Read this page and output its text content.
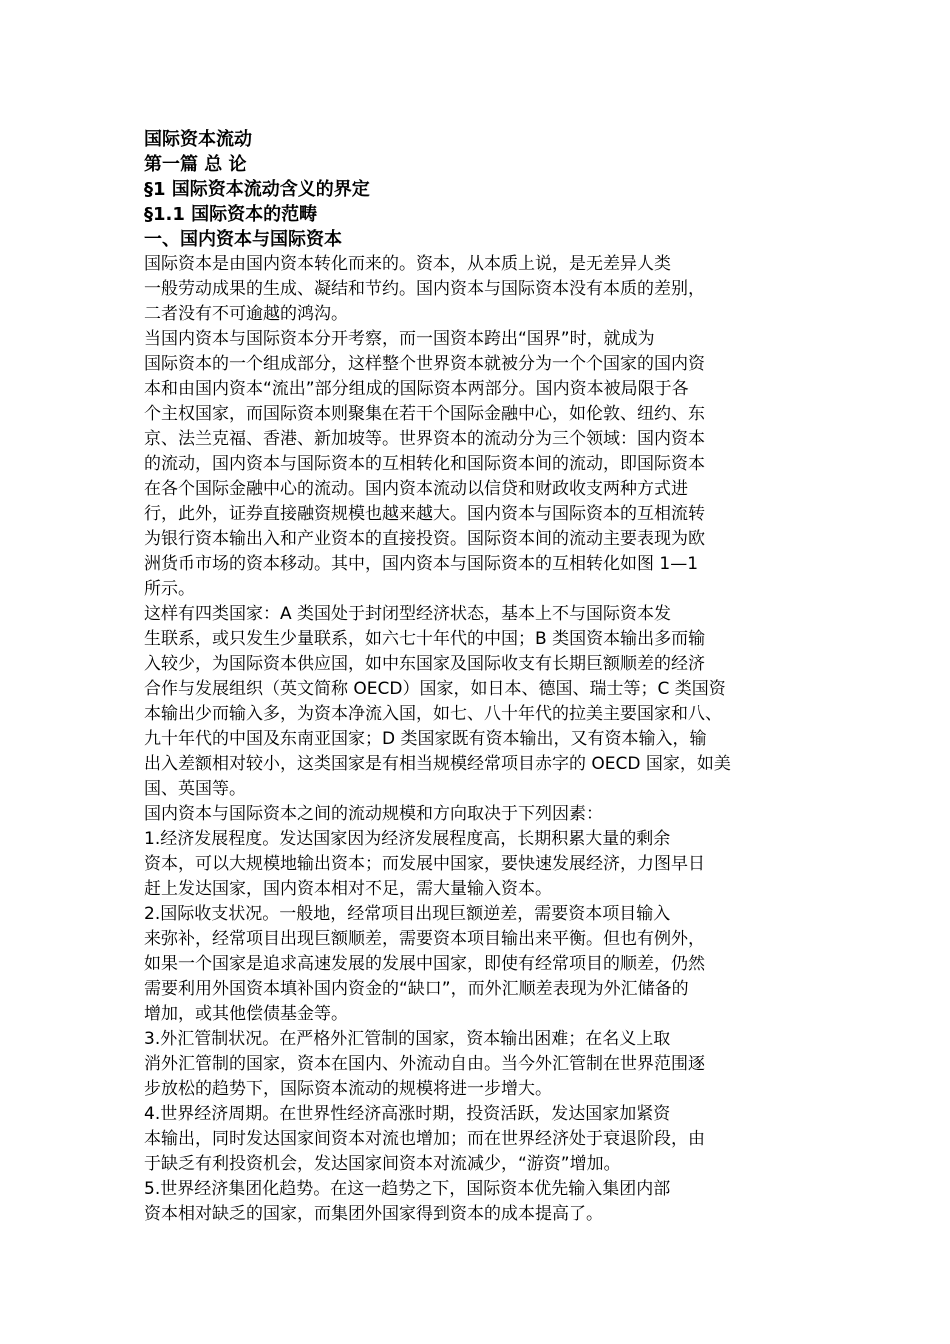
国际资本流动
第一篇 总 论
§1 国际资本流动含义的界定
§1.1 国际资本的范畴
一、国内资本与国际资本
国际资本是由国内资本转化而来的。资本，从本质上说，是无差异人类
一般劳动成果的生成、凝结和节约。国内资本与国际资本没有本质的差别，
二者没有不可逾越的鸿沟。
当国内资本与国际资本分开考察，而一国资本跨出“国界”时，就成为
国际资本的一个组成部分，这样整个世界资本就被分为一个个国家的国内资
本和由国内资本“流出”部分组成的国际资本两部分。国内资本被局限于各
个主权国家，而国际资本则聚集在若干个国际金融中心，如伦敦、纽约、东
京、法兰克福、香港、新加坡等。世界资本的流动分为三个领域：国内资本
的流动，国内资本与国际资本的互相转化和国际资本间的流动，即国际资本
在各个国际金融中心的流动。国内资本流动以信贷和财政收支两种方式进
行，此外，证券直接融资规模也越来越大。国内资本与国际资本的互相流转
为银行资本输出入和产业资本的直接投资。国际资本间的流动主要表现为欧
洲货币市场的资本移动。其中，国内资本与国际资本的互相转化如图 1—1
所示。
这样有四类国家：A 类国处于封闭型经济状态，基本上不与国际资本发
生联系，或只发生少量联系，如六七十年代的中国；B 类国资本输出多而输
入较少，为国际资本供应国，如中东国家及国际收支有长期巨额顺差的经济
合作与发展组织（英文简称 OECD）国家，如日本、德国、瑞士等；C 类国资
本输出少而输入多，为资本净流入国，如七、八十年代的拉美主要国家和八、
九十年代的中国及东南亚国家；D 类国家既有资本输出，又有资本输入，输
出入差额相对较小，这类国家是有相当规模经常项目赤字的 OECD 国家，如美
国、英国等。
国内资本与国际资本之间的流动规模和方向取决于下列因素：
1.经济发展程度。发达国家因为经济发展程度高，长期积累大量的剩余
资本，可以大规模地输出资本；而发展中国家，要快速发展经济，力图早日
赶上发达国家，国内资本相对不足，需大量输入资本。
2.国际收支状况。一般地，经常项目出现巨额逆差，需要资本项目输入
来弥补，经常项目出现巨额顺差，需要资本项目输出来平衡。但也有例外，
如果一个国家是追求高速发展的发展中国家，即使有经常项目的顺差，仍然
需要利用外国资本填补国内资金的“缺口”，而外汇顺差表现为外汇储备的
增加，或其他偿债基金等。
3.外汇管制状况。在严格外汇管制的国家，资本输出困难；在名义上取
消外汇管制的国家，资本在国内、外流动自由。当今外汇管制在世界范围逐
步放松的趋势下，国际资本流动的规模将进一步增大。
4.世界经济周期。在世界性经济高涨时期，投资活跃，发达国家加紧资
本输出，同时发达国家间资本对流也增加；而在世界经济处于衰退阶段，由
于缺乏有利投资机会，发达国家间资本对流减少，“游资”增加。
5.世界经济集团化趋势。在这一趋势之下，国际资本优先输入集团内部
资本相对缺乏的国家，而集团外国家得到资本的成本提高了。
